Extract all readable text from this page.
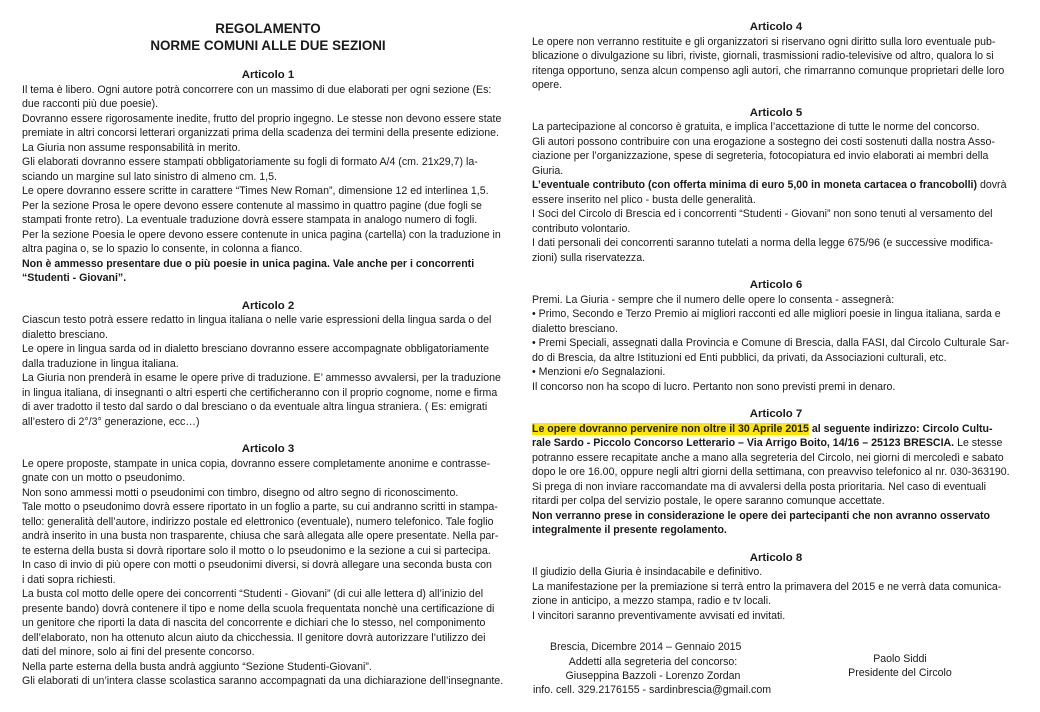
REGOLAMENTO
NORME COMUNI ALLE DUE SEZIONI
Articolo 1

Il tema è libero. Ogni autore potrà concorrere con un massimo di due elaborati per ogni sezione (Es:

due racconti più due poesie).

Dovranno essere rigorosamente inedite, frutto del proprio ingegno. Le stesse non devono essere state

premiate in altri concorsi letterari organizzati prima della scadenza dei termini della presente edizione.

La Giuria non assume responsabilità in merito.

Gli elaborati dovranno essere stampati obbligatoriamente su fogli di formato A/4 (cm. 21x29,7) la-

sciando un margine sul lato sinistro di almeno cm. 1,5.

Le opere dovranno essere scritte in carattere “Times New Roman”, dimensione 12 ed interlinea 1,5.

Per la sezione Prosa le opere devono essere contenute al massimo in quattro pagine (due fogli se

stampati fronte retro). La eventuale traduzione dovrà essere stampata in analogo numero di fogli.

Per la sezione Poesia le opere devono essere contenute in unica pagina (cartella) con la traduzione in

altra pagina o, se lo spazio lo consente, in colonna a fianco.

Non è ammesso presentare due o più poesie in unica pagina. Vale anche per i concorrenti

“Studenti - Giovani”.

Articolo 2

Ciascun testo potrà essere redatto in lingua italiana o nelle varie espressioni della lingua sarda o del

dialetto bresciano.

Le opere in lingua sarda od in dialetto bresciano dovranno essere accompagnate obbligatoriamente

dalla traduzione in lingua italiana.

La Giuria non prenderà in esame le opere prive di traduzione. E’ ammesso avvalersi, per la traduzione

in lingua italiana, di insegnanti o altri esperti che certificheranno con il proprio cognome, nome e firma

di aver tradotto il testo dal sardo o dal bresciano o da eventuale altra lingua straniera. ( Es: emigrati

all’estero di 2°/3° generazione, ecc…)

Articolo 3

Le opere proposte, stampate in unica copia, dovranno essere completamente anonime e contrasse-

gnate con un motto o pseudonimo.

Non sono ammessi motti o pseudonimi con timbro, disegno od altro segno di riconoscimento.

Tale motto o pseudonimo dovrà essere riportato in un foglio a parte, su cui andranno scritti in stampa-

tello: generalità dell’autore, indirizzo postale ed elettronico (eventuale), numero telefonico. Tale foglio

andrà inserito in una busta non trasparente, chiusa che sarà allegata alle opere presentate. Nella par-

te esterna della busta si dovrà riportare solo il motto o lo pseudonimo e la sezione a cui si partecipa.

In caso di invio di più opere con motti o pseudonimi diversi, si dovrà allegare una seconda busta con

i dati sopra richiesti.

La busta col motto delle opere dei concorrenti “Studenti - Giovani” (di cui alle lettera d) all’inizio del

presente bando) dovrà contenere il tipo e nome della scuola frequentata nonchè una certificazione di

un genitore che riporti la data di nascita del concorrente e dichiari che lo stesso, nel componimento

dell’elaborato, non ha ottenuto alcun aiuto da chicchessia. Il genitore dovrà autorizzare l’utilizzo dei

dati del minore, solo ai fini del presente concorso.

Nella parte esterna della busta andrà aggiunto “Sezione Studenti-Giovani”.

Gli elaborati di un’intera classe scolastica saranno accompagnati da una dichiarazione dell’insegnante.

Articolo 4

Le opere non verranno restituite e gli organizzatori si riservano ogni diritto sulla loro eventuale pub-

blicazione o divulgazione su libri, riviste, giornali, trasmissioni radio-televisive od altro, qualora lo si

ritenga opportuno, senza alcun compenso agli autori, che rimarranno comunque proprietari delle loro

opere.

Articolo 5

La partecipazione al concorso è gratuita, e implica l’accettazione di tutte le norme del concorso.

Gli autori possono contribuire con una erogazione a sostegno dei costi sostenuti dalla nostra Asso-

ciazione per l’organizzazione, spese di segreteria, fotocopiatura ed invio elaborati ai membri della

Giuria.

L’eventuale contributo (con offerta minima di euro 5,00 in moneta cartacea o francobolli) dovrà

essere inserito nel plico - busta delle generalità.

I Soci del Circolo di Brescia ed i concorrenti “Studenti - Giovani” non sono tenuti al versamento del

contributo volontario.

I dati personali dei concorrenti saranno tutelati a norma della legge 675/96 (e successive modifica-

zioni) sulla riservatezza.

Articolo 6

Premi. La Giuria - sempre che il numero delle opere lo consenta - assegnerà:

• Primo, Secondo e Terzo Premio ai migliori racconti ed alle migliori poesie in lingua italiana, sarda e

dialetto bresciano.

• Premi Speciali, assegnati dalla Provincia e Comune di Brescia, dalla FASI, dal Circolo Culturale Sar-

do di Brescia, da altre Istituzioni ed Enti pubblici, da privati, da Associazioni culturali, etc.

• Menzioni e/o Segnalazioni.

Il concorso non ha scopo di lucro. Pertanto non sono previsti premi in denaro.

Articolo 7

Le opere dovranno pervenire non oltre il 30 Aprile 2015 al seguente indirizzo: Circolo Cultu-

rale Sardo - Piccolo Concorso Letterario – Via Arrigo Boito, 14/16 – 25123 BRESCIA. Le stesse

potranno essere recapitate anche a mano alla segreteria del Circolo, nei giorni di mercoledì e sabato

dopo le ore 16.00, oppure negli altri giorni della settimana, con preavviso telefonico al nr. 030-363190.

Si prega di non inviare raccomandate ma di avvalersi della posta prioritaria. Nel caso di eventuali

ritardi per colpa del servizio postale, le opere saranno comunque accettate.

Non verranno prese in considerazione le opere dei partecipanti che non avranno osservato

integralmente il presente regolamento.

Articolo 8

Il giudizio della Giuria è insindacabile e definitivo.

La manifestazione per la premiazione si terrà entro la primavera del 2015 e ne verrà data comunica-

zione in anticipo, a mezzo stampa, radio e tv locali.

I vincitori saranno preventivamente avvisati ed invitati.

Brescia, Dicembre 2014 – Gennaio 2015
Addetti alla segreteria del concorso:
Giuseppina Bazzoli - Lorenzo Zordan
info. cell. 329.2176155 - sardinbrescia@gmail.com
Paolo Siddi
Presidente del Circolo
